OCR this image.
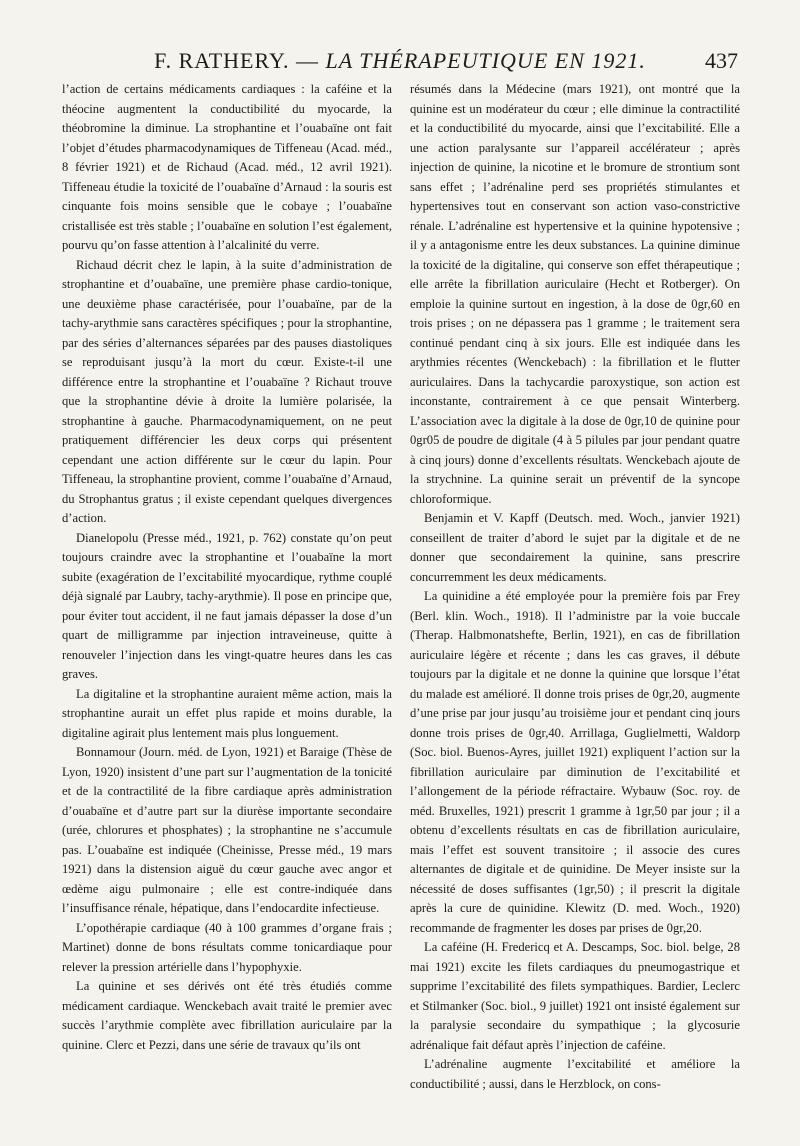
F. RATHERY. — LA THÉRAPEUTIQUE EN 1921.	437

l’action de certains médicaments cardiaques : la caféine et la théocine augmentent la conductibilité du myocarde, la théobromine la diminue. La strophantine et l’ouabaïne ont fait l’objet d’études pharmacodynamiques de Tiffeneau (Acad. méd., 8 février 1921) et de Richaud (Acad. méd., 12 avril 1921). Tiffeneau étudie la toxicité de l’ouabaïne d’Arnaud : la souris est cinquante fois moins sensible que le cobaye ; l’ouabaïne cristallisée est très stable ; l’ouabaïne en solution l’est également, pourvu qu’on fasse attention à l’alcalinité du verre.

Richaud décrit chez le lapin, à la suite d’administration de strophantine et d’ouabaïne, une première phase cardio-tonique, une deuxième phase caractérisée, pour l’ouabaïne, par de la tachy-arythmie sans caractères spécifiques ; pour la strophantine, par des séries d’alternances séparées par des pauses diastoliques se reproduisant jusqu’à la mort du cœur. Existe-t-il une différence entre la strophantine et l’ouabaïne ? Richaut trouve que la strophantine dévie à droite la lumière polarisée, la strophantine à gauche. Pharmacodynamiquement, on ne peut pratiquement différencier les deux corps qui présentent cependant une action différente sur le cœur du lapin. Pour Tiffeneau, la strophantine provient, comme l’ouabaïne d’Arnaud, du Strophantus gratus ; il existe cependant quelques divergences d’action.

Dianelopolu (Presse méd., 1921, p. 762) constate qu’on peut toujours craindre avec la strophantine et l’ouabaïne la mort subite (exagération de l’excitabilité myocardique, rythme couplé déjà signalé par Laubry, tachy-arythmie). Il pose en principe que, pour éviter tout accident, il ne faut jamais dépasser la dose d’un quart de milligramme par injection intraveineuse, quitte à renouveler l’injection dans les vingt-quatre heures dans les cas graves.

La digitaline et la strophantine auraient même action, mais la strophantine aurait un effet plus rapide et moins durable, la digitaline agirait plus lentement mais plus longuement.

Bonnamour (Journ. méd. de Lyon, 1921) et Baraige (Thèse de Lyon, 1920) insistent d’une part sur l’augmentation de la tonicité et de la contractilité de la fibre cardiaque après administration d’ouabaïne et d’autre part sur la diurèse importante secondaire (urée, chlorures et phosphates) ; la strophantine ne s’accumule pas. L’ouabaïne est indiquée (Cheinisse, Presse méd., 19 mars 1921) dans la distension aiguë du cœur gauche avec angor et œdème aigu pulmonaire ; elle est contre-indiquée dans l’insuffisance rénale, hépatique, dans l’endocardite infectieuse.

L’opothérapie cardiaque (40 à 100 grammes d’organe frais ; Martinet) donne de bons résultats comme tonicardiaque pour relever la pression artérielle dans l’hypophyxie.

La quinine et ses dérivés ont été très étudiés comme médicament cardiaque. Wenckebach avait traité le premier avec succès l’arythmie complète avec fibrillation auriculaire par la quinine. Clerc et Pezzi, dans une série de travaux qu’ils ont

résumés dans la Médecine (mars 1921), ont montré que la quinine est un modérateur du cœur ; elle diminue la contractilité et la conductibilité du myocarde, ainsi que l’excitabilité. Elle a une action paralysante sur l’appareil accélérateur ; après injection de quinine, la nicotine et le bromure de strontium sont sans effet ; l’adrénaline perd ses propriétés stimulantes et hypertensives tout en conservant son action vaso-constrictive rénale. L’adrénaline est hypertensive et la quinine hypotensive ; il y a antagonisme entre les deux substances. La quinine diminue la toxicité de la digitaline, qui conserve son effet thérapeutique ; elle arrête la fibrillation auriculaire (Hecht et Rotberger). On emploie la quinine surtout en ingestion, à la dose de 0gr,60 en trois prises ; on ne dépassera pas 1 gramme ; le traitement sera continué pendant cinq à six jours. Elle est indiquée dans les arythmies récentes (Wenckebach) : la fibrillation et le flutter auriculaires. Dans la tachycardie paroxystique, son action est inconstante, contrairement à ce que pensait Winterberg. L’association avec la digitale à la dose de 0gr,10 de quinine pour 0gr05 de poudre de digitale (4 à 5 pilules par jour pendant quatre à cinq jours) donne d’excellents résultats. Wenckebach ajoute de la strychnine. La quinine serait un préventif de la syncope chloroformique.

Benjamin et V. Kapff (Deutsch. med. Woch., janvier 1921) conseillent de traiter d’abord le sujet par la digitale et de ne donner que secondairement la quinine, sans prescrire concurremment les deux médicaments.

La quinidine a été employée pour la première fois par Frey (Berl. klin. Woch., 1918). Il l’administre par la voie buccale (Therap. Halbmonatshefte, Berlin, 1921), en cas de fibrillation auriculaire légère et récente ; dans les cas graves, il débute toujours par la digitale et ne donne la quinine que lorsque l’état du malade est amélioré. Il donne trois prises de 0gr,20, augmente d’une prise par jour jusqu’au troisième jour et pendant cinq jours donne trois prises de 0gr,40. Arrillaga, Guglielmetti, Waldorp (Soc. biol. Buenos-Ayres, juillet 1921) expliquent l’action sur la fibrillation auriculaire par diminution de l’excitabilité et l’allongement de la période réfractaire. Wybauw (Soc. roy. de méd. Bruxelles, 1921) prescrit 1 gramme à 1gr,50 par jour ; il a obtenu d’excellents résultats en cas de fibrillation auriculaire, mais l’effet est souvent transitoire ; il associe des cures alternantes de digitale et de quinidine. De Meyer insiste sur la nécessité de doses suffisantes (1gr,50) ; il prescrit la digitale après la cure de quinidine. Klewitz (D. med. Woch., 1920) recommande de fragmenter les doses par prises de 0gr,20.

La caféine (H. Fredericq et A. Descamps, Soc. biol. belge, 28 mai 1921) excite les filets cardiaques du pneumogastrique et supprime l’excitabilité des filets sympathiques. Bardier, Leclerc et Stilmanker (Soc. biol., 9 juillet) 1921 ont insisté également sur la paralysie secondaire du sympathique ; la glycosurie adrénalique fait défaut après l’injection de caféine.

L’adrénaline augmente l’excitabilité et améliore la conductibilité ; aussi, dans le Herzblock, on cons-
